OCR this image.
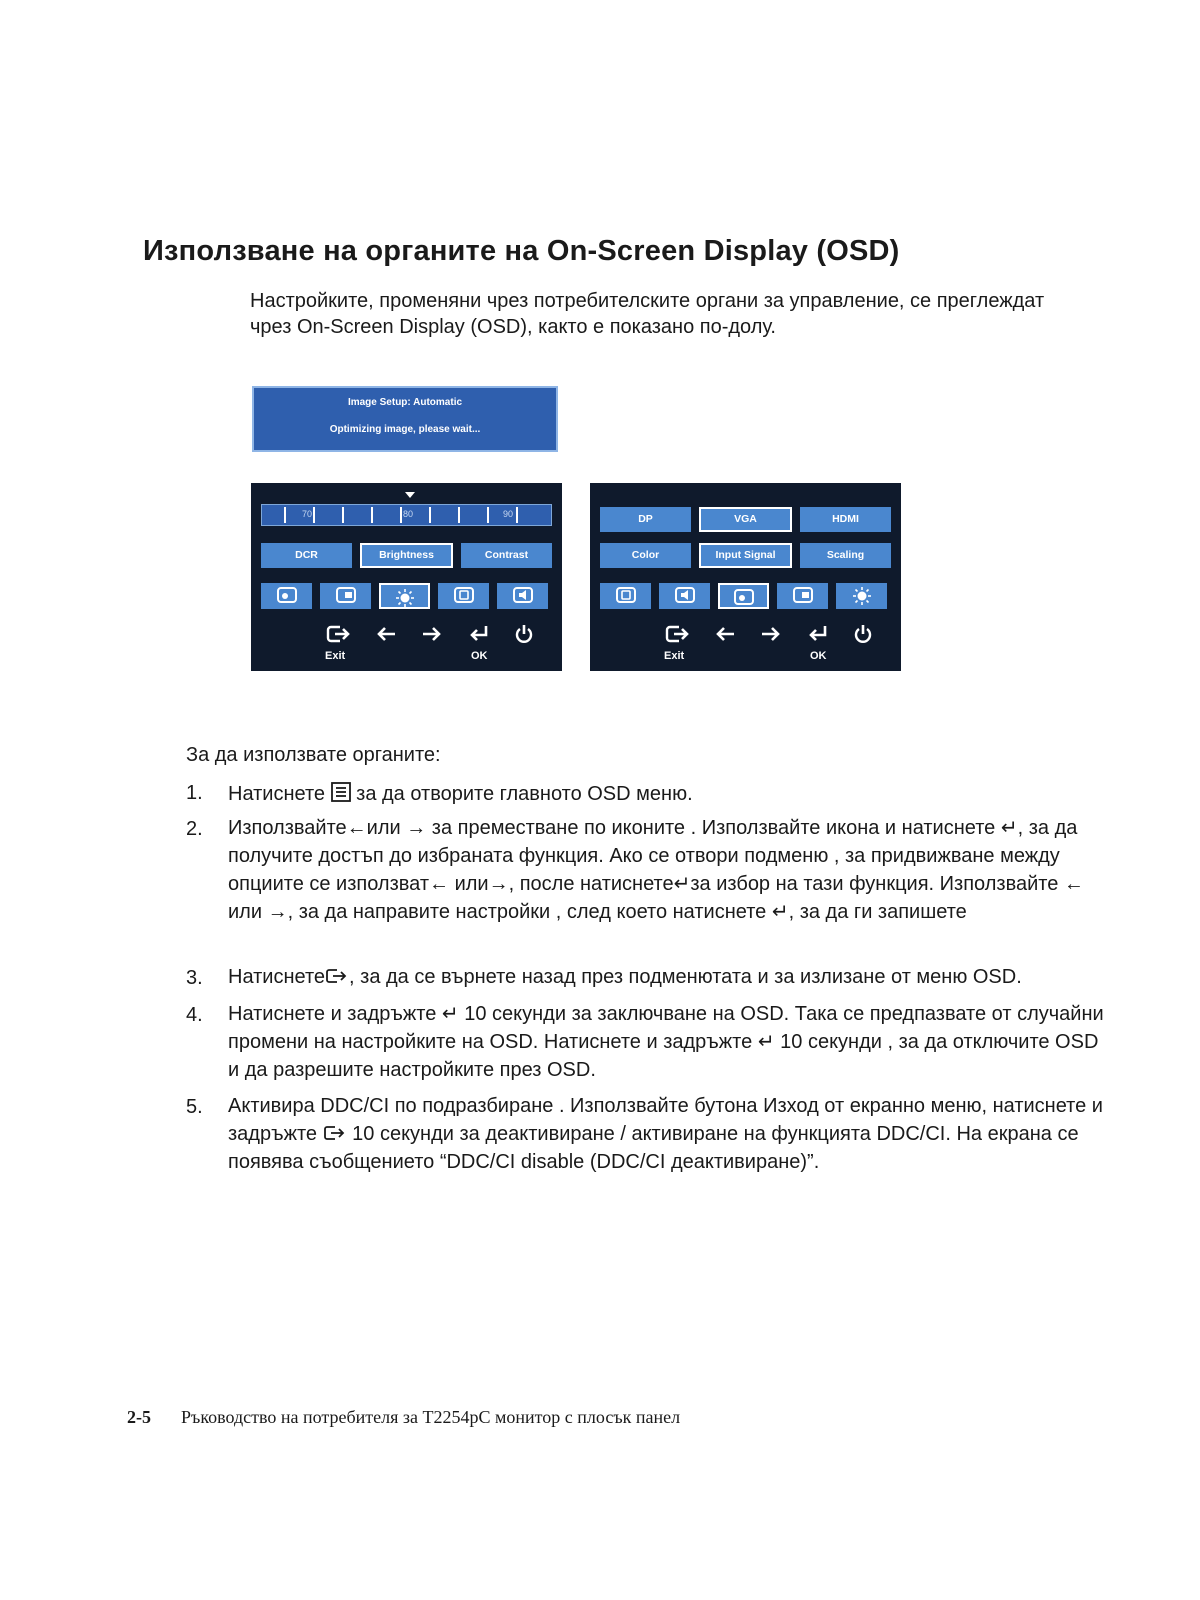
Използване на органите на On-Screen Display (OSD)

Настройките, променяни чрез потребителските органи за управление, се преглеждат чрез On-Screen Display (OSD), както е показано по-долу.

Image Setup: Automatic
Optimizing image, please wait...
70	80	90
DCR	Brightness	Contrast
Exit	OK
DP	VGA	HDMI
Color	Input Signal	Scaling
Exit	OK

За да използвате органите:

1. Натиснете за да отворите главното OSD меню.
2. Използвайте←или → за преместване по иконите . Използвайте икона и натиснете ↵, за да получите достъп до избраната функция. Ако се отвори подменю , за придвижване между опциите се използват← или→, после натиснете↵за избор на тази функция. Използвайте ← или →, за да направите настройки , след което натиснете ↵, за да ги запишете
3. Натиснете , за да се върнете назад през подменютата и за излизане от меню OSD.
4. Натиснете и задръжте ↵ 10 секунди за заключване на OSD. Така се предпазвате от случайни промени на настройките на OSD. Натиснете и задръжте ↵ 10 секунди , за да отключите OSD и да разрешите настройките през OSD.
5. Активира DDC/CI по подразбиране . Използвайте бутона Изход от екранно меню, натиснете и задръжте 10 секунди за деактивиране / активиране на функцията DDC/CI. На екрана се появява съобщението “DDC/CI disable (DDC/CI деактивиране)”.
2-5 Ръководство на потребителя за T2254pC монитор с плосък панел
